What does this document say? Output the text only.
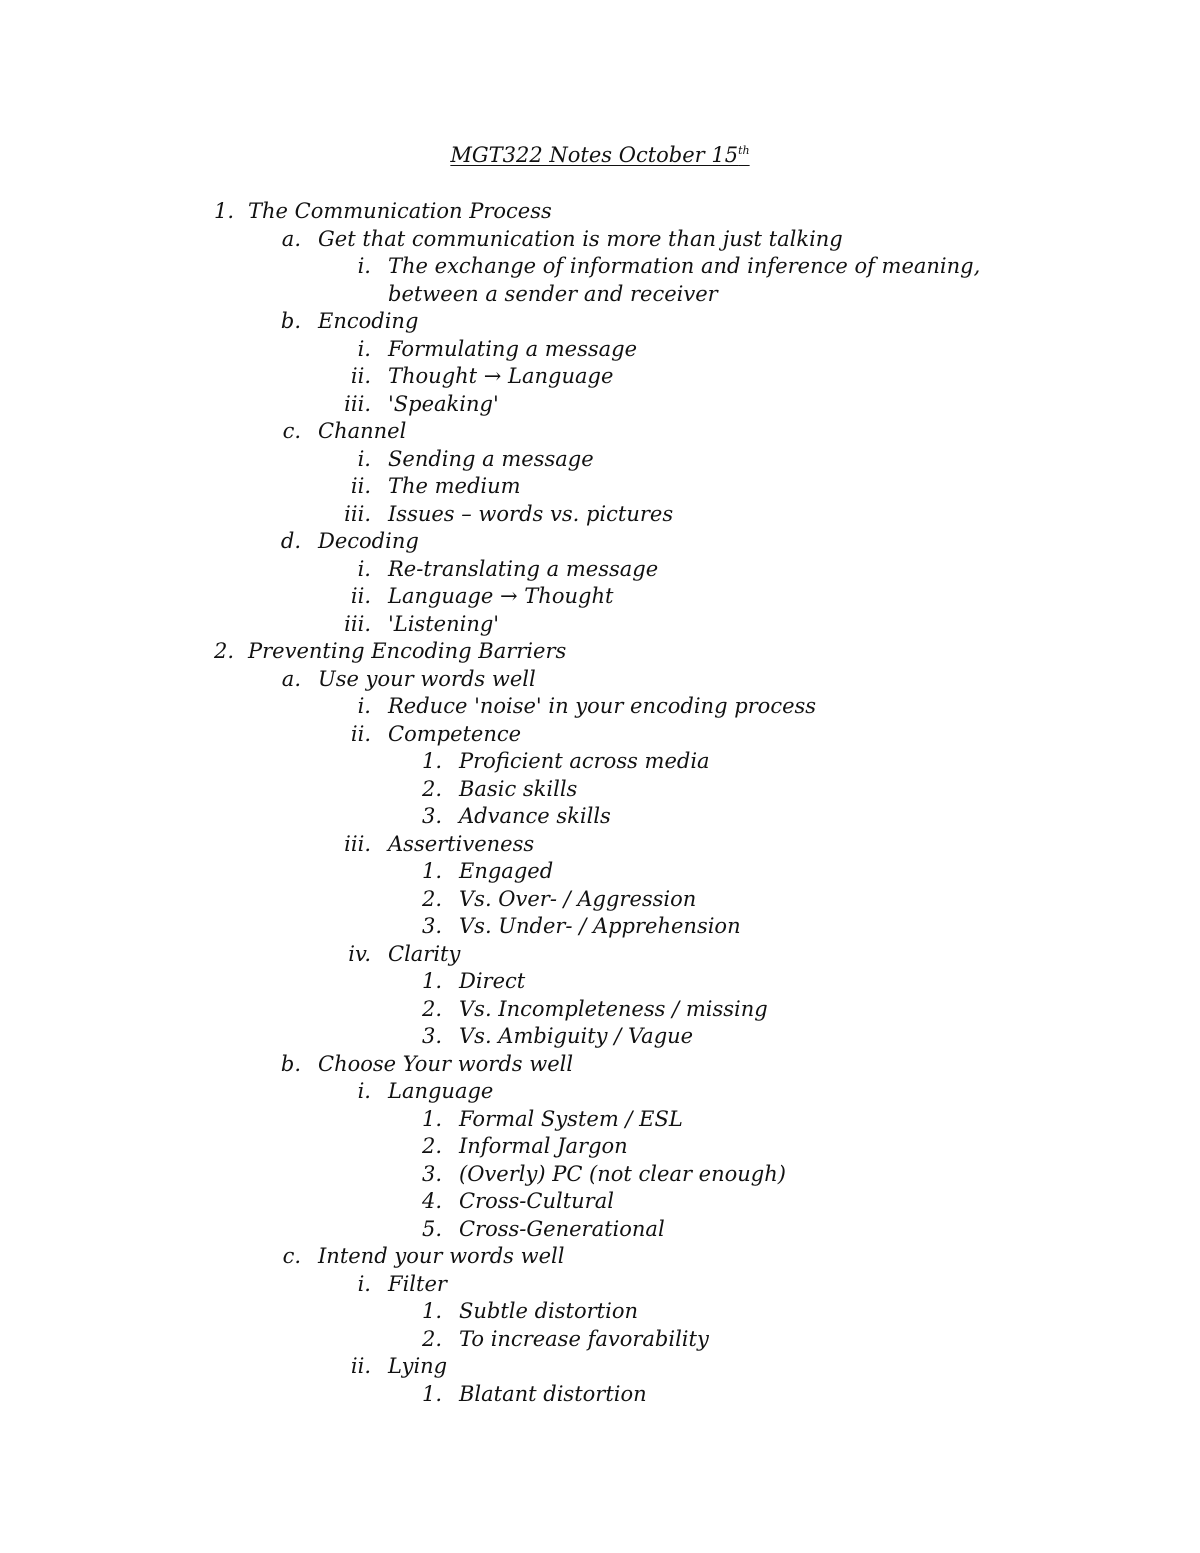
MGT322 Notes October 15th
1. The Communication Process
a. Get that communication is more than just talking
i. The exchange of information and inference of meaning, between a sender and receiver
b. Encoding
i. Formulating a message
ii. Thought → Language
iii. 'Speaking'
c. Channel
i. Sending a message
ii. The medium
iii. Issues – words vs. pictures
d. Decoding
i. Re-translating a message
ii. Language → Thought
iii. 'Listening'
2. Preventing Encoding Barriers
a. Use your words well
i. Reduce 'noise' in your encoding process
ii. Competence
1. Proficient across media
2. Basic skills
3. Advance skills
iii. Assertiveness
1. Engaged
2. Vs. Over- / Aggression
3. Vs. Under- / Apprehension
iv. Clarity
1. Direct
2. Vs. Incompleteness / missing
3. Vs. Ambiguity / Vague
b. Choose Your words well
i. Language
1. Formal System / ESL
2. Informal Jargon
3. (Overly) PC (not clear enough)
4. Cross-Cultural
5. Cross-Generational
c. Intend your words well
i. Filter
1. Subtle distortion
2. To increase favorability
ii. Lying
1. Blatant distortion
